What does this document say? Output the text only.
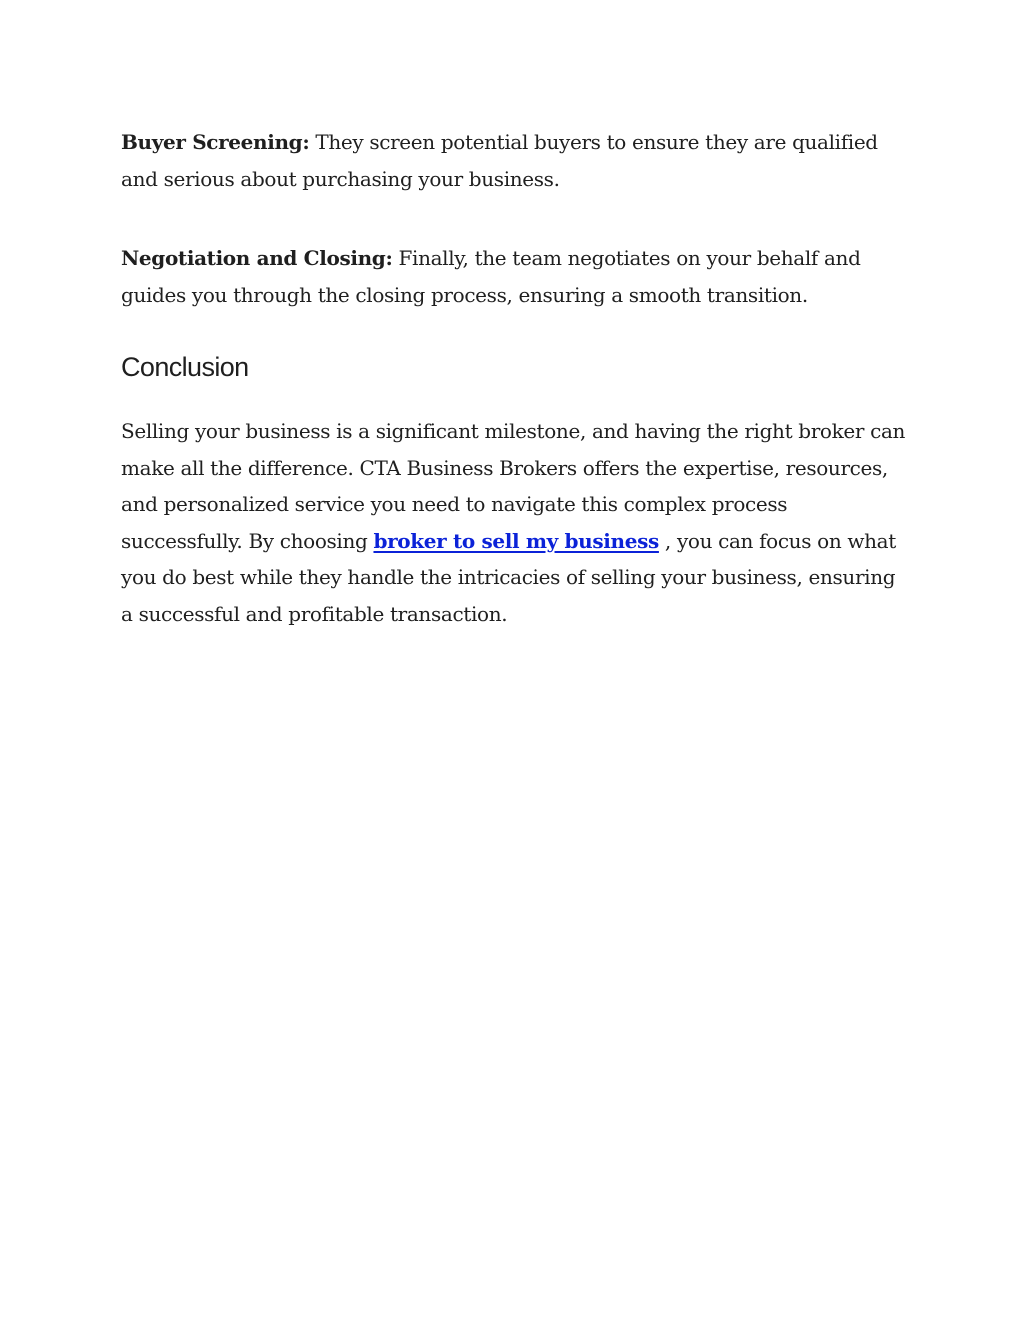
Buyer Screening: They screen potential buyers to ensure they are qualified and serious about purchasing your business.

Negotiation and Closing: Finally, the team negotiates on your behalf and guides you through the closing process, ensuring a smooth transition.

Conclusion

Selling your business is a significant milestone, and having the right broker can make all the difference. CTA Business Brokers offers the expertise, resources, and personalized service you need to navigate this complex process successfully. By choosing broker to sell my business , you can focus on what you do best while they handle the intricacies of selling your business, ensuring a successful and profitable transaction.
